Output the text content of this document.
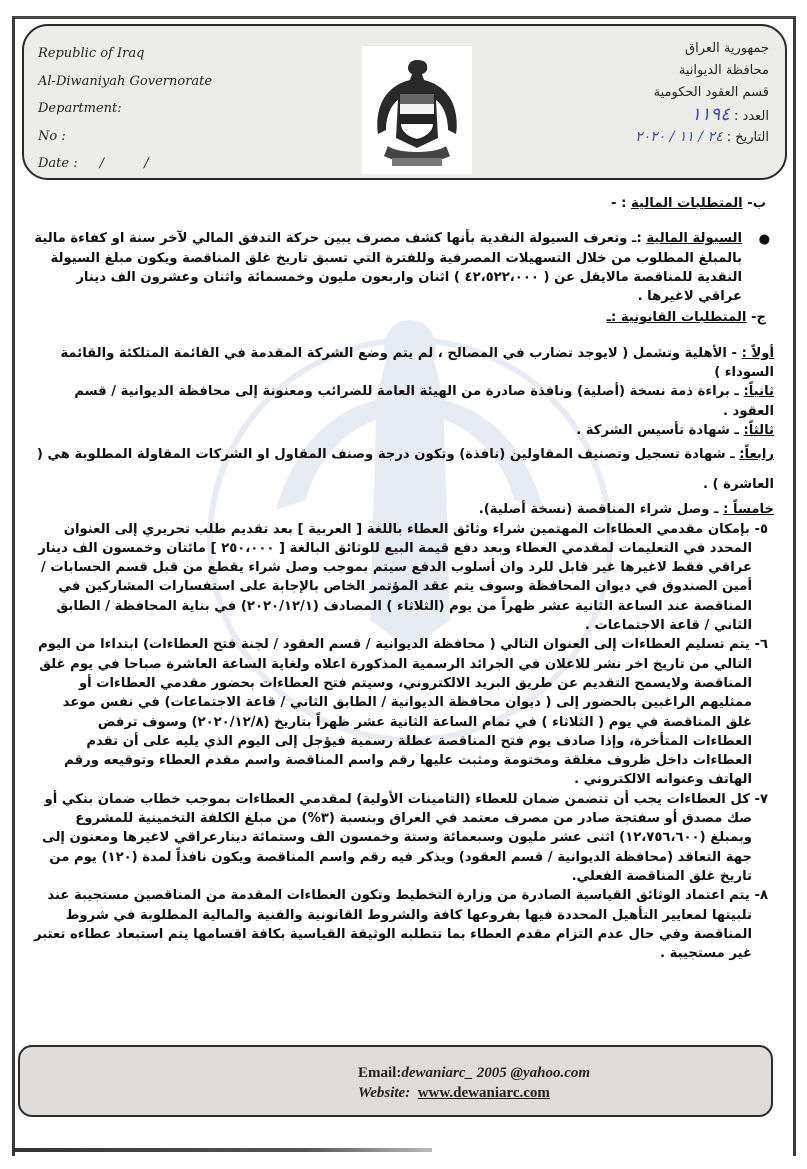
Republic of Iraq
Al-Diwaniyah Governorate
Department:
No :
Date : / /
جمهورية العراق
محافظة الديوانية
قسم العقود الحكومية
العدد : ١١٩٤
التاريخ : ٢٤ / ١١ / ٢٠٢٠

ب- المتطلبات المالية : -

●
السيولة المالية :ـ وتعرف السيولة النقدية بأنها كشف مصرف يبين حركة التدفق المالي لآخر سنة او كفاءة مالية بالمبلغ المطلوب من خلال التسهيلات المصرفية وللفترة التي تسبق تاريخ غلق المناقصة ويكون مبلغ السيولة النقدية للمناقصة مالايقل عن ( ٤٢،٥٢٢،٠٠٠ ) اثنان واربعون مليون وخمسمائة واثنان وعشرون الف دينار عراقي لاغيرها .

ج- المتطلبات القانونية :ـ

أولاً : - الأهلية وتشمل ( لايوجد تضارب في المصالح ، لم يتم وضع الشركة المقدمة في القائمة المتلكئة والقائمة السوداء )

ثانياً: ـ براءة ذمة نسخة (أصلية) ونافذة صادرة من الهيئة العامة للضرائب ومعنونة إلى محافظة الديوانية / قسم العقود .

ثالثاً: ـ شهادة تأسيس الشركة .

رابعاً: ـ شهادة تسجيل وتصنيف المقاولين (نافذة) وتكون درجة وصنف المقاول او الشركات المقاولة المطلوبة هي ( العاشرة ) .

خامساً : ـ وصل شراء المناقصة (نسخة أصلية).

٥- بإمكان مقدمي العطاءات المهتمين شراء وثائق العطاء باللغة [ العربية ] بعد تقديم طلب تحريري إلى العنوان المحدد في التعليمات لمقدمي العطاء وبعد دفع قيمة البيع للوثائق البالغة [ ٢٥٠،٠٠٠ ] مائتان وخمسون الف دينار عراقي فقط لاغيرها غير قابل للرد وان أسلوب الدفع سيتم بموجب وصل شراء يقطع من قبل قسم الحسابات / أمين الصندوق في ديوان المحافظة وسوف يتم عقد المؤتمر الخاص بالإجابة على استفسارات المشاركين في المناقصة عند الساعة الثانية عشر ظهراً من يوم (الثلاثاء ) المصادف (٢٠٢٠/١٢/١) في بناية المحافظة / الطابق الثاني / قاعة الاجتماعات .

٦- يتم تسليم العطاءات إلى العنوان التالي ( محافظة الديوانية / قسم العقود / لجنة فتح العطاءات) ابتداءا من اليوم التالي من تاريخ اخر نشر للاعلان في الجرائد الرسمية المذكورة اعلاه ولغاية الساعة العاشرة صباحا في يوم غلق المناقصة ولايسمح التقديم عن طريق البريد الالكتروني، وسيتم فتح العطاءات بحضور مقدمي العطاءات أو ممثليهم الراغبين بالحضور إلى ( ديوان محافظة الديوانية / الطابق الثاني / قاعة الاجتماعات) في نفس موعد غلق المناقصة في يوم ( الثلاثاء ) في تمام الساعة الثانية عشر ظهراً بتاريخ (٢٠٢٠/١٢/٨) وسوف ترفض العطاءات المتأخرة، وإذا صادف يوم فتح المناقصة عطلة رسمية فيؤجل إلى اليوم الذي يليه على أن تقدم العطاءات داخل ظروف مغلقة ومختومة ومثبت عليها رقم واسم المناقصة واسم مقدم العطاء وتوقيعه ورقم الهاتف وعنوانه الالكتروني .

٧- كل العطاءات يجب أن تتضمن ضمان للعطاء (التامينات الأولية) لمقدمي العطاءات بموجب خطاب ضمان بنكي أو صك مصدق أو سفتجة صادر من مصرف معتمد في العراق وبنسبة (٣%) من مبلغ الكلفة التخمينية للمشروع وبمبلغ (١٢،٧٥٦،٦٠٠) اثنى عشر مليون وسبعمائة وستة وخمسون الف وستمائة دينارعراقي لاغيرها ومعنون إلى جهة التعاقد (محافظة الديوانية / قسم العقود) ويذكر فيه رقم واسم المناقصة ويكون نافذاً لمدة (١٢٠) يوم من تاريخ غلق المناقصة الفعلي.

٨- يتم اعتماد الوثائق القياسية الصادرة من وزارة التخطيط وتكون العطاءات المقدمة من المناقصين مستجيبة عند تلبيتها لمعايير التأهيل المحددة فيها بفروعها كافة والشروط القانونية والفنية والمالية المطلوبة في شروط المناقصة وفي حال عدم التزام مقدم العطاء بما تتطلبه الوثيقة القياسية بكافة اقسامها يتم استبعاد عطاءه تعتبر غير مستجيبة .

Email:dewaniarc_ 2005 @yahoo.com
Website: www.dewaniarc.com
